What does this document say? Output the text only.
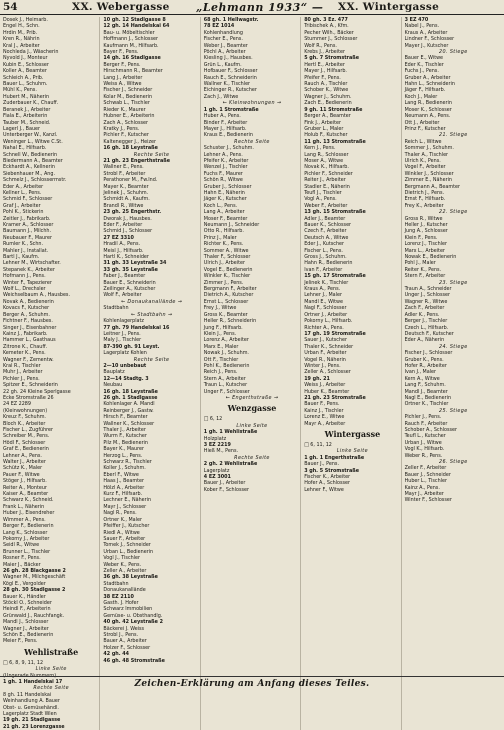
54	XX. Webergasse „Lehmann 1933“ — XX. Wintergasse
Dosek J., Heimarb.
Engel H., Schn.
Hrdin M., Prib.
Kren R., Nährin
Kral J., Arbeiter
Nochleda J., Wäscherin
Nyvold J., Monteur
Kubin E., Schlosser
Koller A., Beamter
Schleich A., Prib.
Bauer L., Schuhm.
Mühl K., Pens.
Hubert M., Näherin
Zuderbauer K., Chauff.
Beranek J., Arbeiter
Fiala E., Arbeiterin
Tauber M., Schneid.
Lagerl J., Bauer
Unterberger W., Kanzl.
Weninger L., Witwe C.St.
Nahal E., Hilfsarb.
Schnell W., Bedienerin
Biedermann A., Beamter
Eckhardt A., Kellnerin
Siebenhauer M., Ang.
Schmelz J., Schlossermstr.
Eder A., Arbeiter
Kellner L., Pens.
Schmid F., Schlosser
Graf J., Arbeiter
Pohl K., Stickerin
Zeitler J., Fabrikarb.
Kramer A., Schlosser
Baumann J., Milchh.
Neubauer F., Maurer
Rumler K., Schn.
Mahler J., Installat.
Bartl J., Kaufm.
Lehner M., Wirtschafter.
Stepanek K., Arbeiter
Hofmann J., Pens.
Winter F., Tapezierer
Wolf L., Drechsler
Weichselbaum A., Hausbes.
Novak A., Bedienerin
Kovacs F., Kutscher
Berger A., Schuhm.
Fichtner F., Hausbes.
Singer J., Eisenbahner
Kainz J., Fabrikarb.
Hammer L., Gasthaus
Zitrone K., Chauff.
Kemeter K., Pens.
Wagner F., Zementw.
Kral R., Tischler
Muhr J., Arbeiter
Pichler J., Pens.
Spitzer E., Schneiderin
22 gh. 24 Kleine Sperlgasse
Ecke Stromstraße 26
24 EZ 2289
(Kleinwohnungen)
Kreuz F., Schuhm.
Bloch K., Arbeiter
Fischer L., Zugführer
Schreiber M., Pens.
Hödl F., Schlosser
Graf E., Bedienerin
Lehner A., Pens.
Walter J., Arbeiter
Schütz K., Maler
Pauer F., Witwe
Stöger J., Hilfsarb.
Reiter A., Monteur
Kaiser A., Beamter
Schwarz K., Schneid.
Frank L., Näherin
Huber J., Eisendreher
Wimmer A., Pens.
Berger F., Bedienerin
Lang K., Schlosser
Pokorny J., Arbeiter
Seidl R., Witwe
Brunner L., Tischler
Rosner F., Pens.
Maier J., Bäcker
26 gh. 28 Blackgasse 2
Wagner M., Milchgeschäft
Kögl E., Vergolder
28 gh. 30 Stadlgasse 2
Bauer K., Händler
Stöckl O., Schneider
Heindl F., Arbeiterin
Grünwald J., Rauchfangk.
Mandl J., Schlosser
Wagner J., Arbeiter
Schön E., Bedienerin
Meier F., Pens.
Wehlistraße
□ 6, 8, 9, 11, 12
Linke Seite
(Ungerade Nummern)
1 gh. 1 Handelskai 17
Rechte Seite
8 gh. 11 Handelskai
Weinhandlung A. Bauer
Obst- u. Gemüsehändl.
Lagerplatz Stadt Wien
19 gh. 21 Stadlgasse
21 gh. 23 Lorenzgasse
10 gh. 12 Stadlgasse 8
12 gh. 14 Handelskai 64
Bau- u. Möbeltischler
Hoffmann J., Schlosser
Kaufmann M., Hilfsarb.
Bayer F., Pens.
14 gh. 16 Stadlgasse
Berger F., Pens.
Hirschmann R., Beamter
Lang J., Arbeiter
Weiss A., Witwe
Fischer J., Schneider
Kolar M., Bedienerin
Schwab L., Tischler
Rieder K., Maurer
Hubner E., Arbeiterin
Zach A., Schlosser
Kratky J., Pens.
Pichler F., Kutscher
Kaltenegger J., Heizer
16 gh. 18 Leystraße
Rechte Seite
21 gh. 23 Engerthstraße
Wallner E., Pens.
Strobl F., Arbeiter
Perathoner M., Fw.Ind.
Mayer K., Beamter
Jelinek J., Schuhm.
Schmidt A., Kaufm.
Brandl R., Witwe
23 gh. 25 Engerthstr.
Dworak J., Hausbes.
Eder F., Arbeiter
Schmid J., Schlosser
27 EZ 3310
Hradil A., Pens.
Meisl J., Hilfsarb.
Hartl K., Schneider
31 gh. 33 Leystraße 34
33 gh. 35 Leystraße
Faber J., Beamter
Bauer E., Schneiderin
Zeilinger A., Kutscher
Wolf F., Arbeiter
← Donaukanallände →
Stadtbahn
← Stadtbahn →
Kohlenlagerplatz
77 gh. 79 Handelskai 16
Leitner J., Pens.
Maly J., Tischler
87-390 gh. 91 Leyst.
Lagerplatz Kohlen
Rechte Seite
2—10 unbebaut
Bauplatz
12—14 Stadtg. 3
Neubau
16 gh. 18 Leystraße
26 gh. 1 Stadlgasse
Kohlenlager A. Mandl
Reinberger J., Gastw.
Hirsch F., Beamter
Wallner K., Schlosser
Thaler J., Arbeiter
Wurm F., Kutscher
Pilz M., Bedienerin
Bayer K., Maurer
Herzog L., Pens.
Schwarz R., Tischler
Koller J., Schuhm.
Eberl F., Witwe
Haas J., Beamter
Hölzl A., Arbeiter
Kurz F., Hilfsarb.
Lechner E., Näherin
Mayr J., Schlosser
Nagl R., Pens.
Ortner K., Maler
Pfeiffer J., Kutscher
Riedl A., Witwe
Sauer F., Arbeiter
Tomek J., Schneider
Urban L., Bedienerin
Vogl J., Tischler
Weber K., Pens.
Zeller A., Arbeiter
36 gh. 38 Leystraße
Stadtbahn
Donaukanallände
38 EZ 2110
Gasth. J. Hofer
Schwarz Immobilien
Gemüse- u. Obsthandlg.
40 gh. 42 Leystraße 2
Bäckerei J. Weiss
Strobl J., Pens.
Bauer A., Arbeiter
Holzer F., Schlosser
42 gh. 44
46 gh. 48 Stromstraße
68 gh. 1 Hellwagstr.
78 EZ 1014
Kohlenhandlung
Fischer E., Pens.
Weber J., Beamter
Pöchl A., Arbeiter
Kiesling J., Hausbes.
Grün L., Kaufm.
Hofbauer F., Schlosser
Rauch E., Schneiderin
Wallner K., Tischler
Eichinger R., Kutscher
Zach J., Witwe
← Kleinwohnungen →
1 gh. 1 Stromstraße
Huber A., Pens.
Binder F., Arbeiter
Mayer J., Hilfsarb.
Kraus E., Bedienerin
Rechte Seite
Schuster J., Schuhm.
Lehner A., Pens.
Pfeifer K., Arbeiter
Wenzel J., Tischler
Fuchs F., Maurer
Schön R., Witwe
Gruber J., Schlosser
Hahn E., Näherin
Jäger K., Kutscher
Koch L., Pens.
Lang A., Arbeiter
Moser F., Beamter
Neumann J., Schneider
Otto R., Hilfsarb.
Prinz J., Maler
Richter K., Pens.
Sommer A., Witwe
Thaler F., Schlosser
Ulrich J., Arbeiter
Vogel E., Bedienerin
Winkler K., Tischler
Zimmer J., Pens.
Bergmann F., Arbeiter
Dietrich A., Kutscher
Ernst L., Schlosser
Frey J., Witwe
Gross K., Beamter
Heller R., Schneiderin
Jung F., Hilfsarb.
Klein J., Pens.
Lorenz A., Arbeiter
Marx E., Maler
Nowak J., Schuhm.
Ott F., Tischler
Pohl K., Bedienerin
Reich J., Pens.
Stern A., Arbeiter
Traun L., Kutscher
Unger F., Schlosser
← Engerthstraße →
Wenzgasse
□ 6, 12
Linke Seite
1 gh. 1 Wehlistraße
Holzplatz
3 EZ 2219
Hieß M., Pens.
Rechte Seite
2 gh. 2 Wehlistraße
Lagerplatz
4 EZ 3001
Bauer J., Arbeiter
Kober F., Schlosser
80 gh. 3 Ez. 477
Tribischek A., Kfm.
Pecher Wilh., Bäcker
Stummer J., Schlosser
Wolf R., Pens.
Krebs J., Arbeiter
5 gh. 7 Stromstraße
Hertl E., Arbeiter
Mayer J., Hilfsarb.
Pfeifer F., Pens.
Rauch A., Tischler
Schober K., Witwe
Wagner J., Schuhm.
Zach E., Bedienerin
9 gh. 11 Stromstraße
Berger A., Beamter
Fink J., Arbeiter
Gruber L., Maler
Holub F., Kutscher
11 gh. 13 Stromstraße
Kern J., Pens.
Lang R., Schlosser
Moser A., Witwe
Novak K., Hilfsarb.
Pichler F., Schneider
Reiter J., Arbeiter
Stadler E., Näherin
Teufl J., Tischler
Vogl A., Pens.
Weber F., Arbeiter
13 gh. 15 Stromstraße
Adler J., Beamter
Bauer K., Schlosser
Czech F., Arbeiter
Deutsch A., Witwe
Eder J., Kutscher
Fischer L., Pens.
Gross J., Schuhm.
Hahn R., Bedienerin
Ivan F., Arbeiter
15 gh. 17 Stromstraße
Jelinek K., Tischler
Kraus A., Pens.
Lehner J., Maler
Mandl E., Witwe
Nagl F., Schlosser
Ortner J., Arbeiter
Pokorny L., Hilfsarb.
Richter A., Pens.
17 gh. 19 Stromstraße
Sauer J., Kutscher
Thaler K., Schneider
Urban F., Arbeiter
Vogel R., Näherin
Winter J., Pens.
Zeller A., Schlosser
19 gh. 21
Weiss J., Arbeiter
Huber K., Beamter
21 gh. 23 Stromstraße
Bauer F., Pens.
Kainz J., Tischler
Lorenz E., Witwe
Mayr A., Arbeiter
Wintergasse
□ 6, 11, 12
Linke Seite
1 gh. 1 Engerthstraße
Bauer J., Pens.
3 gh. 5 Stromstraße
Fischer K., Arbeiter
Hofer A., Schlosser
Lehner F., Witwe
3 EZ 470
Nabel J., Pens.
Kraus A., Arbeiter
Lindner F., Schlosser
Mayer J., Kutscher
20. Stiege
Bauer E., Witwe
Eder K., Tischler
Fuchs J., Pens.
Gruber A., Arbeiter
Hahn L., Schneiderin
Jäger F., Hilfsarb.
Koch J., Maler
Lang R., Bedienerin
Moser K., Schlosser
Neumann A., Pens.
Ott J., Arbeiter
Prinz F., Kutscher
21. Stiege
Reich L., Witwe
Sommer J., Schuhm.
Thaler A., Tischler
Ulrich K., Pens.
Vogel F., Arbeiter
Winkler J., Schlosser
Zimmer E., Näherin
Bergmann A., Beamter
Dietrich J., Pens.
Ernst F., Hilfsarb.
Frey K., Arbeiter
22. Stiege
Gross R., Witwe
Heller J., Kutscher
Jung A., Schlosser
Klein F., Pens.
Lorenz J., Tischler
Marx L., Arbeiter
Nowak E., Bedienerin
Pohl J., Maler
Reiter K., Pens.
Stern F., Arbeiter
23. Stiege
Traun A., Schneider
Unger J., Schlosser
Wagner R., Witwe
Zach F., Arbeiter
Adler K., Pens.
Berger J., Tischler
Czech L., Hilfsarb.
Deutsch F., Kutscher
Eder A., Näherin
24. Stiege
Fischer J., Schlosser
Gruber K., Pens.
Hofer R., Arbeiter
Ivan J., Maler
Kern A., Witwe
Lang F., Schuhm.
Mandl J., Beamter
Nagl E., Bedienerin
Ortner K., Tischler
25. Stiege
Pichler J., Pens.
Rauch F., Arbeiter
Schober A., Schlosser
Teufl L., Kutscher
Urban J., Witwe
Vogl K., Hilfsarb.
Weber R., Pens.
26. Stiege
Zeller F., Arbeiter
Bauer J., Schneider
Huber L., Tischler
Kainz A., Pens.
Mayr J., Arbeiter
Winter F., Schlosser
Zeichen-Erklärung am Anfang dieses Teiles.
